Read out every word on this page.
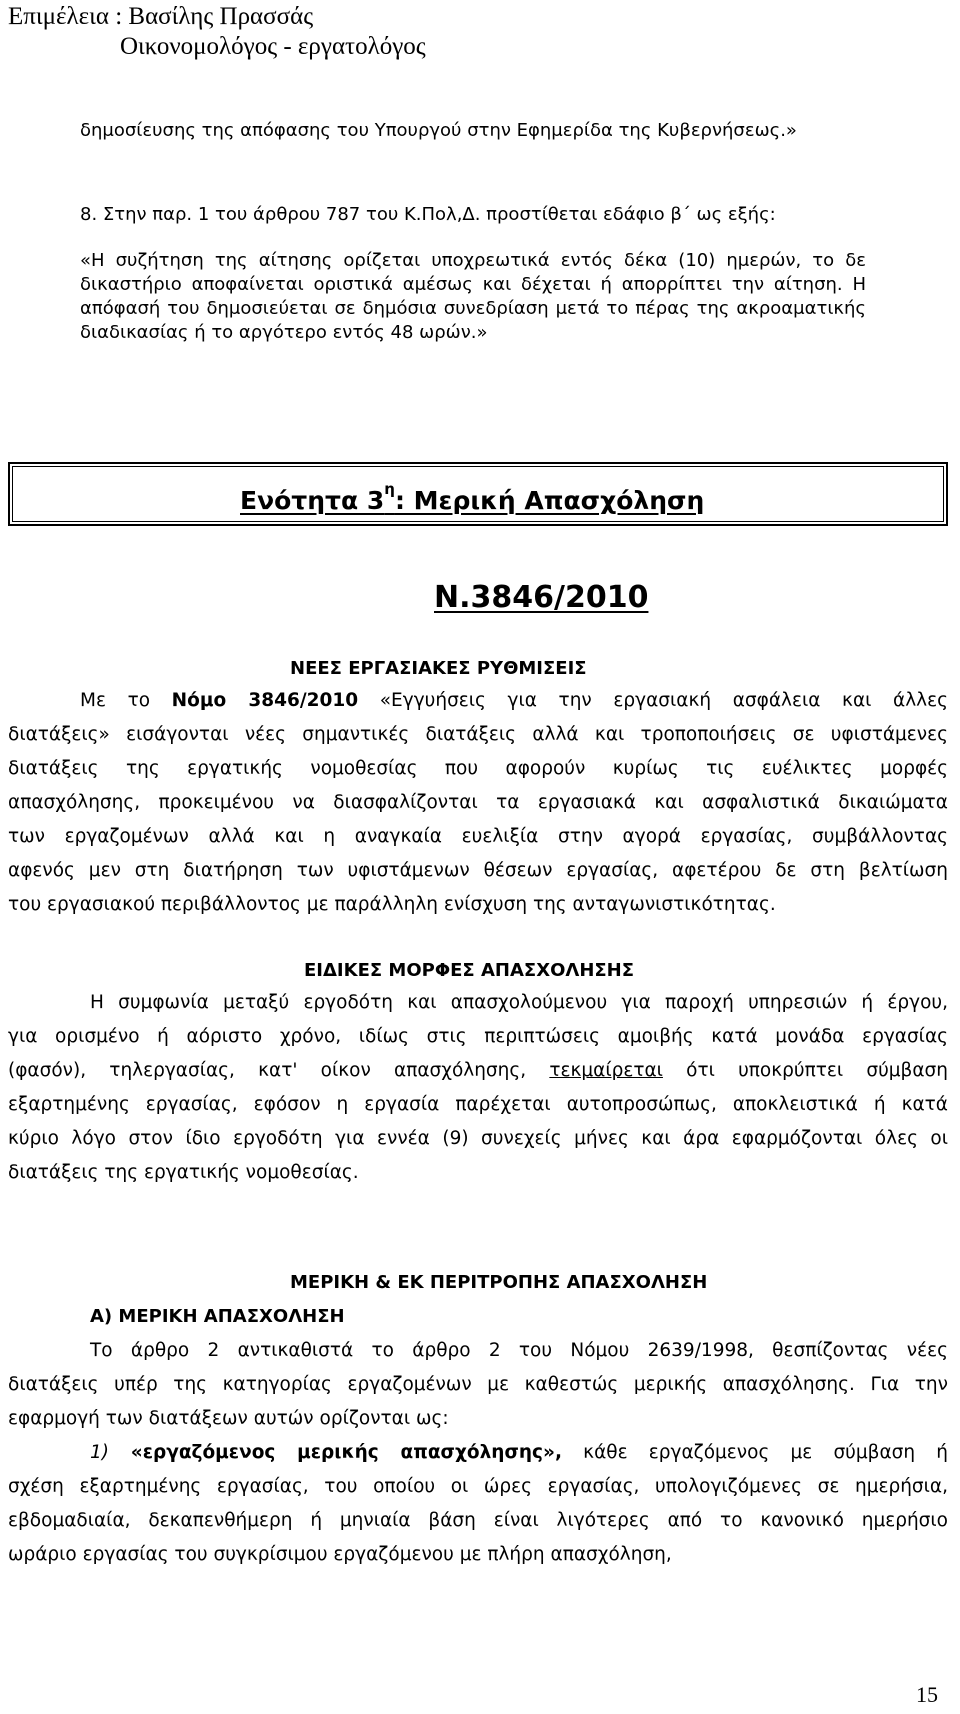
Επιμέλεια : Βασίλης Πρασσάς
Οικονομολόγος - εργατολόγος
δημοσίευσης της απόφασης του Υπουργού στην Εφημερίδα της Κυβερνήσεως.»
8. Στην παρ. 1 του άρθρου 787 του Κ.Πολ,Δ. προστίθεται εδάφιο β΄ ως εξής:
«Η συζήτηση της αίτησης ορίζεται υποχρεωτικά εντός δέκα (10) ημερών, το δε
δικαστήριο αποφαίνεται οριστικά αμέσως και δέχεται ή απορρίπτει την αίτηση. Η
απόφασή του δημοσιεύεται σε δημόσια συνεδρίαση μετά το πέρας της ακροαματικής
διαδικασίας ή το αργότερο εντός 48 ωρών.»
Ενότητα $3^\eta$: Μερική Απασχόληση
Ν.3846/2010
ΝΕΕΣ ΕΡΓΑΣΙΑΚΕΣ ΡΥΘΜΙΣΕΙΣ
Με το Νόμο 3846/2010 «Εγγυήσεις για την εργασιακή ασφάλεια και άλλες
διατάξεις» εισάγονται νέες σημαντικές διατάξεις αλλά και τροποποιήσεις σε υφιστάμενες
διατάξεις της εργατικής νομοθεσίας που αφορούν κυρίως τις ευέλικτες μορφές
απασχόλησης, προκειμένου να διασφαλίζονται τα εργασιακά και ασφαλιστικά δικαιώματα
των εργαζομένων αλλά και η αναγκαία ευελιξία στην αγορά εργασίας, συμβάλλοντας
αφενός μεν στη διατήρηση των υφιστάμενων θέσεων εργασίας, αφετέρου δε στη βελτίωση
του εργασιακού περιβάλλοντος με παράλληλη ενίσχυση της ανταγωνιστικότητας.
ΕΙΔΙΚΕΣ ΜΟΡΦΕΣ ΑΠΑΣΧΟΛΗΣΗΣ
Η συμφωνία μεταξύ εργοδότη και απασχολούμενου για παροχή υπηρεσιών ή έργου,
για ορισμένο ή αόριστο χρόνο, ιδίως στις περιπτώσεις αμοιβής κατά μονάδα εργασίας
(φασόν), τηλεργασίας, κατ' οίκον απασχόλησης, τεκμαίρεται ότι υποκρύπτει σύμβαση
εξαρτημένης εργασίας, εφόσον η εργασία παρέχεται αυτοπροσώπως, αποκλειστικά ή κατά
κύριο λόγο στον ίδιο εργοδότη για εννέα (9) συνεχείς μήνες και άρα εφαρμόζονται όλες οι
διατάξεις της εργατικής νομοθεσίας.
ΜΕΡΙΚΗ & ΕΚ ΠΕΡΙΤΡΟΠΗΣ ΑΠΑΣΧΟΛΗΣΗ
Α) ΜΕΡΙΚΗ ΑΠΑΣΧΟΛΗΣΗ
Το άρθρο 2 αντικαθιστά το άρθρο 2 του Νόμου 2639/1998, θεσπίζοντας νέες
διατάξεις υπέρ της κατηγορίας εργαζομένων με καθεστώς μερικής απασχόλησης. Για την
εφαρμογή των διατάξεων αυτών ορίζονται ως:
1) «εργαζόμενος μερικής απασχόλησης», κάθε εργαζόμενος με σύμβαση ή
σχέση εξαρτημένης εργασίας, του οποίου οι ώρες εργασίας, υπολογιζόμενες σε ημερήσια,
εβδομαδιαία, δεκαπενθήμερη ή μηνιαία βάση είναι λιγότερες από το κανονικό ημερήσιο
ωράριο εργασίας του συγκρίσιμου εργαζόμενου με πλήρη απασχόληση,
15
